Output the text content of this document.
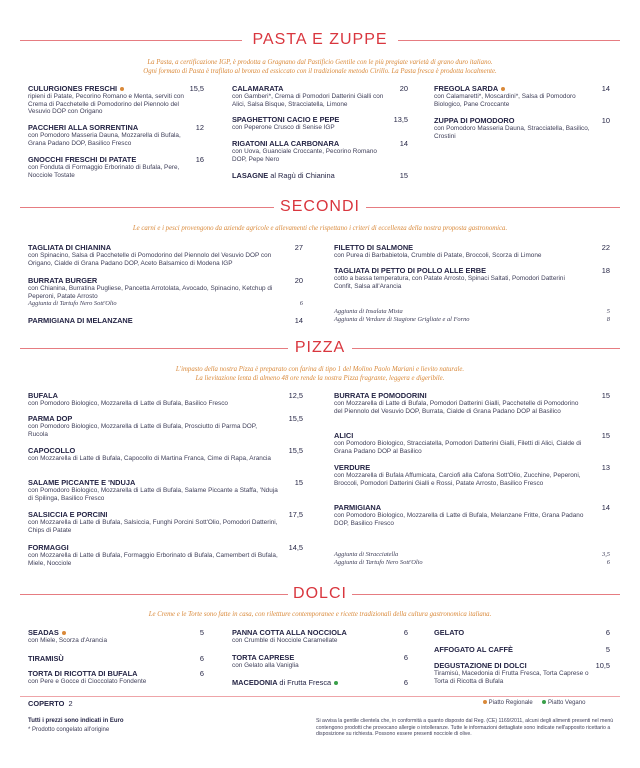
PASTA E ZUPPE
La Pasta, a certificazione IGP, è prodotta a Gragnano dal Pastificio Gentile con le più pregiate varietà di grano duro italiano.
Ogni formato di Pasta è trafilato al bronzo ed essiccato con il tradizionale metodo Cirillo. La Pasta fresca è prodotta localmente.
CULURGIONES FRESCHI
ripieni di Patate, Pecorino Romano e Menta, serviti con Crema di Pacchetelle di Pomodorino del Piennolo del Vesuvio DOP con Origano
15,5
PACCHERI ALLA SORRENTINA
con Pomodoro Masseria Dauna, Mozzarella di Bufala, Grana Padano DOP, Basilico Fresco
12
GNOCCHI FRESCHI DI PATATE
con Fonduta di Formaggio Erborinato di Bufala, Pere, Nocciole Tostate
16
CALAMARATA
con Gamberi*, Crema di Pomodori Datterini Gialli con Alici, Salsa Bisque, Stracciatella, Limone
20
SPAGHETTONI CACIO E PEPE
con Peperone Crusco di Senise IGP
13,5
RIGATONI ALLA CARBONARA
con Uova, Guanciale Croccante, Pecorino Romano DOP, Pepe Nero
14
LASAGNE al Ragù di Chianina	15
FREGOLA SARDA
con Calamaretti*, Moscardini*, Salsa di Pomodoro Biologico, Pane Croccante
14
ZUPPA DI POMODORO
con Pomodoro Masseria Dauna, Stracciatella, Basilico, Crostini
10
SECONDI
Le carni e i pesci provengono da aziende agricole e allevamenti che rispettano i criteri di eccellenza della nostra proposta gastronomica.
TAGLIATA DI CHIANINA
con Spinacino, Salsa di Pacchetelle di Pomodorino del Piennolo del Vesuvio DOP con Origano, Cialde di Grana Padano DOP, Aceto Balsamico di Modena IGP
27
BURRATA BURGER
con Chianina, Burratina Pugliese, Pancetta Arrotolata, Avocado, Spinacino, Ketchup di Peperoni, Patate Arrosto
20
Aggiunta di Tartufo Nero Sott'Olio	6
PARMIGIANA DI MELANZANE	14
FILETTO DI SALMONE
con Purea di Barbabietola, Crumble di Patate, Broccoli, Scorza di Limone
22
TAGLIATA DI PETTO DI POLLO ALLE ERBE
cotto a bassa temperatura, con Patate Arrosto, Spinaci Saltati, Pomodori Datterini Confit, Salsa all'Arancia
18
Aggiunta di Insalata Mista	5
Aggiunta di Verdure di Stagione Grigliate e al Forno	8
PIZZA
L'impasto della nostra Pizza è preparato con farina di tipo 1 del Molino Paolo Mariani e lievito naturale.
La lievitazione lenta di almeno 48 ore rende la nostra Pizza fragrante, leggera e digeribile.
BUFALA
con Pomodoro Biologico, Mozzarella di Latte di Bufala, Basilico Fresco
12,5
PARMA DOP
con Pomodoro Biologico, Mozzarella di Latte di Bufala, Prosciutto di Parma DOP, Rucola
15,5
CAPOCOLLO
con Mozzarella di Latte di Bufala, Capocollo di Martina Franca, Cime di Rapa, Arancia
15,5
SALAME PICCANTE E 'NDUJA
con Pomodoro Biologico, Mozzarella di Latte di Bufala, Salame Piccante a Staffa, 'Nduja di Spilinga, Basilico Fresco
15
SALSICCIA E PORCINI
con Mozzarella di Latte di Bufala, Salsiccia, Funghi Porcini Sott'Olio, Pomodori Datterini, Chips di Patate
17,5
FORMAGGI
con Mozzarella di Latte di Bufala, Formaggio Erborinato di Bufala, Camembert di Bufala, Miele, Nocciole
14,5
BURRATA E POMODORINI
con Mozzarella di Latte di Bufala, Pomodori Datterini Gialli, Pacchetelle di Pomodorino del Piennolo del Vesuvio DOP, Burrata, Cialde di Grana Padano DOP al Basilico
15
ALICI
con Pomodoro Biologico, Stracciatella, Pomodori Datterini Gialli, Filetti di Alici, Cialde di Grana Padano DOP al Basilico
15
VERDURE
con Mozzarella di Bufala Affumicata, Carciofi alla Cafona Sott'Olio, Zucchine, Peperoni, Broccoli, Pomodori Datterini Gialli e Rossi, Patate Arrosto, Basilico Fresco
13
PARMIGIANA
con Pomodoro Biologico, Mozzarella di Latte di Bufala, Melanzane Fritte, Grana Padano DOP, Basilico Fresco
14
Aggiunta di Stracciatella	3,5
Aggiunta di Tartufo Nero Sott'Olio	6
DOLCI
Le Creme e le Torte sono fatte in casa, con rilettture contemporanee e ricette tradizionali della cultura gastronomica italiana.
SEADAS
con Miele, Scorza d'Arancia
5
TIRAMISÙ	6
TORTA DI RICOTTA DI BUFALA
con Pere e Gocce di Cioccolato Fondente
6
PANNA COTTA ALLA NOCCIOLA
con Crumble di Nocciole Caramellate
6
TORTA CAPRESE
con Gelato alla Vaniglia
6
MACEDONIA di Frutta Fresca	6
GELATO	6
AFFOGATO AL CAFFÈ	5
DEGUSTAZIONE DI DOLCI
Tiramisù, Macedonia di Frutta Fresca, Torta Caprese o Torta di Ricotta di Bufala
10,5
COPERTO 2	Piatto Regionale	Piatto Vegano
Tutti i prezzi sono indicati in Euro
* Prodotto congelato all'origine
Si avvisa la gentile clientela che, in conformità a quanto disposto dal Reg. (CE) 1169/2011, alcuni degli alimenti presenti nel menù contengono prodotti che provocano allergie o intolleranze. Tutte le informazioni dettagliate sono indicate nell'apposito ricettario a disposizione su richiesta. Possono essere presenti nocciole di olive.
